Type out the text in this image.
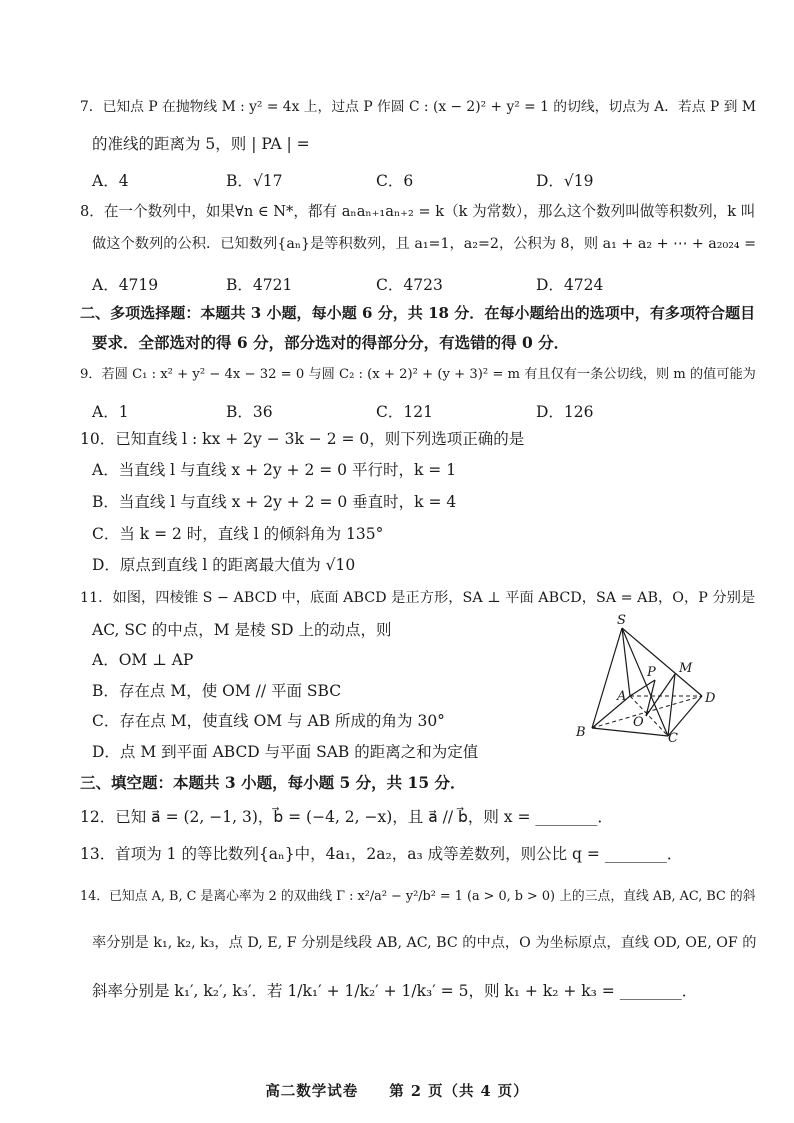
7．已知点 P 在抛物线 M : y² = 4x 上，过点 P 作圆 C : (x − 2)² + y² = 1 的切线，切点为 A．若点 P 到 M
的准线的距离为 5，则 | PA | =
A．4	B．√17	C．6	D．√19
8．在一个数列中，如果∀n ∈ N*，都有 aₙaₙ₊₁aₙ₊₂ = k（k 为常数），那么这个数列叫做等积数列，k 叫
做这个数列的公积．已知数列{aₙ}是等积数列，且 a₁=1，a₂=2，公积为 8，则 a₁ + a₂ + ⋯ + a₂₀₂₄ =
A．4719	B．4721	C．4723	D．4724
二、多项选择题：本题共 3 小题，每小题 6 分，共 18 分．在每小题给出的选项中，有多项符合题目
要求．全部选对的得 6 分，部分选对的得部分分，有选错的得 0 分．
9．若圆 C₁ : x² + y² − 4x − 32 = 0 与圆 C₂ : (x + 2)² + (y + 3)² = m 有且仅有一条公切线，则 m 的值可能为
A．1	B．36	C．121	D．126
10．已知直线 l : kx + 2y − 3k − 2 = 0，则下列选项正确的是
A．当直线 l 与直线 x + 2y + 2 = 0 平行时，k = 1
B．当直线 l 与直线 x + 2y + 2 = 0 垂直时，k = 4
C．当 k = 2 时，直线 l 的倾斜角为 135°
D．原点到直线 l 的距离最大值为 √10
11．如图，四棱锥 S − ABCD 中，底面 ABCD 是正方形，SA ⊥ 平面 ABCD，SA = AB，O，P 分别是
AC, SC 的中点，M 是棱 SD 上的动点，则
A．OM ⊥ AP
B．存在点 M，使 OM // 平面 SBC
C．存在点 M，使直线 OM 与 AB 所成的角为 30°
D．点 M 到平面 ABCD 与平面 SAB 的距离之和为定值
S
P M
A	D
O
B	C
三、填空题：本题共 3 小题，每小题 5 分，共 15 分．
12．已知 a⃗ = (2, −1, 3)，b⃗ = (−4, 2, −x)，且 a⃗ // b⃗，则 x = ________．
13．首项为 1 的等比数列{aₙ}中，4a₁，2a₂，a₃ 成等差数列，则公比 q = ________．
14．已知点 A, B, C 是离心率为 2 的双曲线 Γ : x²/a² − y²/b² = 1 (a > 0, b > 0) 上的三点，直线 AB, AC, BC 的斜
率分别是 k₁, k₂, k₃，点 D, E, F 分别是线段 AB, AC, BC 的中点，O 为坐标原点，直线 OD, OE, OF 的
斜率分别是 k₁′, k₂′, k₃′．若 1/k₁′ + 1/k₂′ + 1/k₃′ = 5，则 k₁ + k₂ + k₃ = ________．
高二数学试卷　　第 2 页（共 4 页）
